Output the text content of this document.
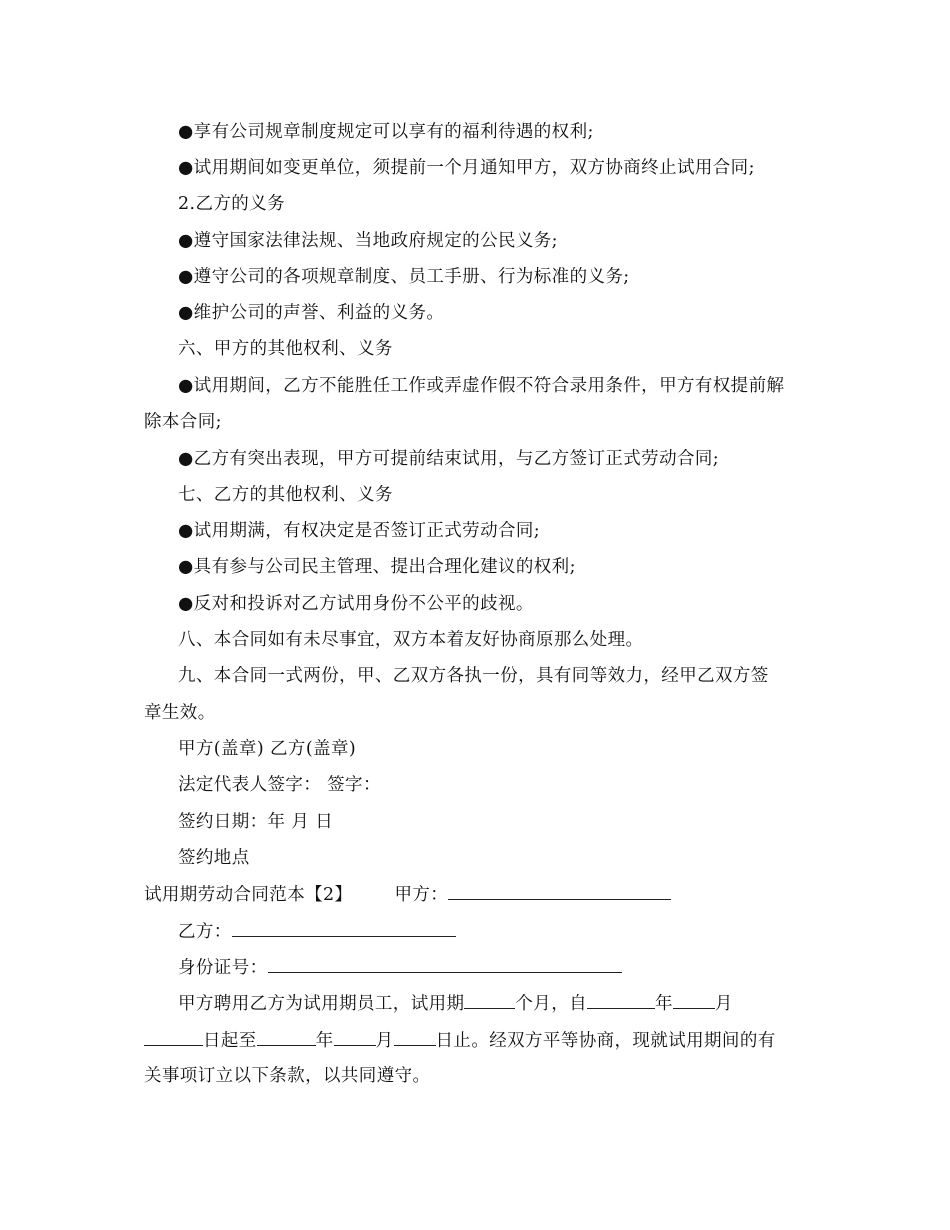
●享有公司规章制度规定可以享有的福利待遇的权利;
●试用期间如变更单位，须提前一个月通知甲方，双方协商终止试用合同;
2.乙方的义务
●遵守国家法律法规、当地政府规定的公民义务;
●遵守公司的各项规章制度、员工手册、行为标准的义务;
●维护公司的声誉、利益的义务。
六、甲方的其他权利、义务
●试用期间，乙方不能胜任工作或弄虚作假不符合录用条件，甲方有权提前解
除本合同;
●乙方有突出表现，甲方可提前结束试用，与乙方签订正式劳动合同;
七、乙方的其他权利、义务
●试用期满，有权决定是否签订正式劳动合同;
●具有参与公司民主管理、提出合理化建议的权利;
●反对和投诉对乙方试用身份不公平的歧视。
八、本合同如有未尽事宜，双方本着友好协商原那么处理。
九、本合同一式两份，甲、乙双方各执一份，具有同等效力，经甲乙双方签
章生效。
甲方(盖章) 乙方(盖章)
法定代表人签字： 签字：
签约日期：年 月 日
签约地点
试用期劳动合同范本【2】 甲方：
乙方：
身份证号：
甲方聘用乙方为试用期员工，试用期	个月，自	年 月
日起至	年 月 日止。经双方平等协商，现就试用期间的有
关事项订立以下条款，以共同遵守。
